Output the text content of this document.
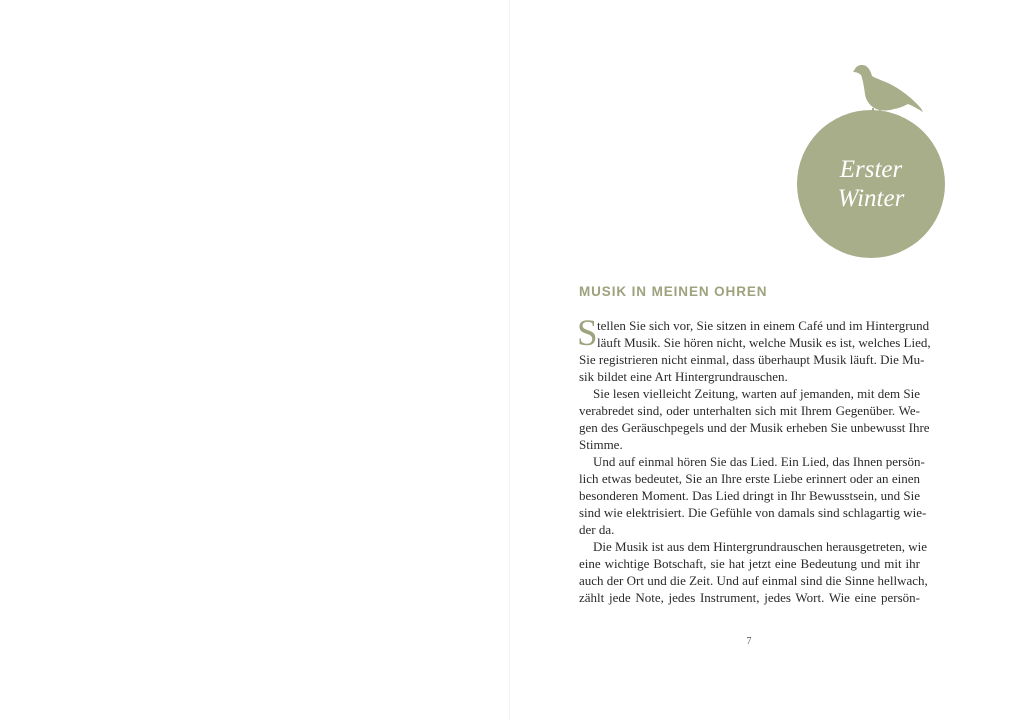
Erster
Winter
MUSIK IN MEINEN OHREN
S tellen Sie sich vor, Sie sitzen in einem Café und im Hintergrund
läuft Musik. Sie hören nicht, welche Musik es ist, welches Lied,
Sie registrieren nicht einmal, dass überhaupt Musik läuft. Die Mu-
sik bildet eine Art Hintergrundrauschen.
Sie lesen vielleicht Zeitung, warten auf jemanden, mit dem Sie
verabredet sind, oder unterhalten sich mit Ihrem Gegenüber. We-
gen des Geräuschpegels und der Musik erheben Sie unbewusst Ihre
Stimme.
Und auf einmal hören Sie das Lied. Ein Lied, das Ihnen persön-
lich etwas bedeutet, Sie an Ihre erste Liebe erinnert oder an einen
besonderen Moment. Das Lied dringt in Ihr Bewusstsein, und Sie
sind wie elektrisiert. Die Gefühle von damals sind schlagartig wie-
der da.
Die Musik ist aus dem Hintergrundrauschen herausgetreten, wie
eine wichtige Botschaft, sie hat jetzt eine Bedeutung und mit ihr
auch der Ort und die Zeit. Und auf einmal sind die Sinne hellwach,
zählt jede Note, jedes Instrument, jedes Wort. Wie eine persön-
7
